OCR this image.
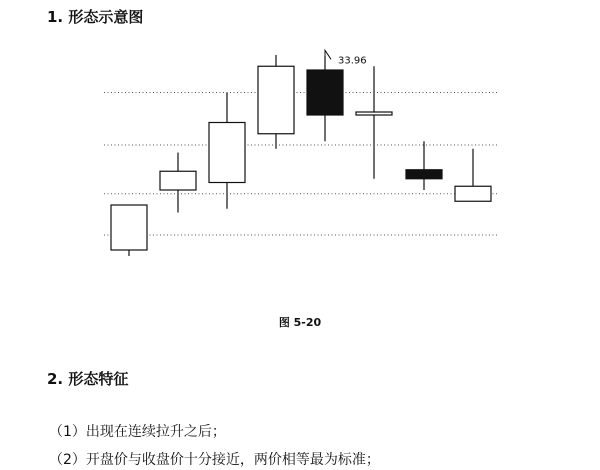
1. 形态示意图
33.96
图 5-20
2. 形态特征
（1）出现在连续拉升之后；
（2）开盘价与收盘价十分接近，两价相等最为标准；
